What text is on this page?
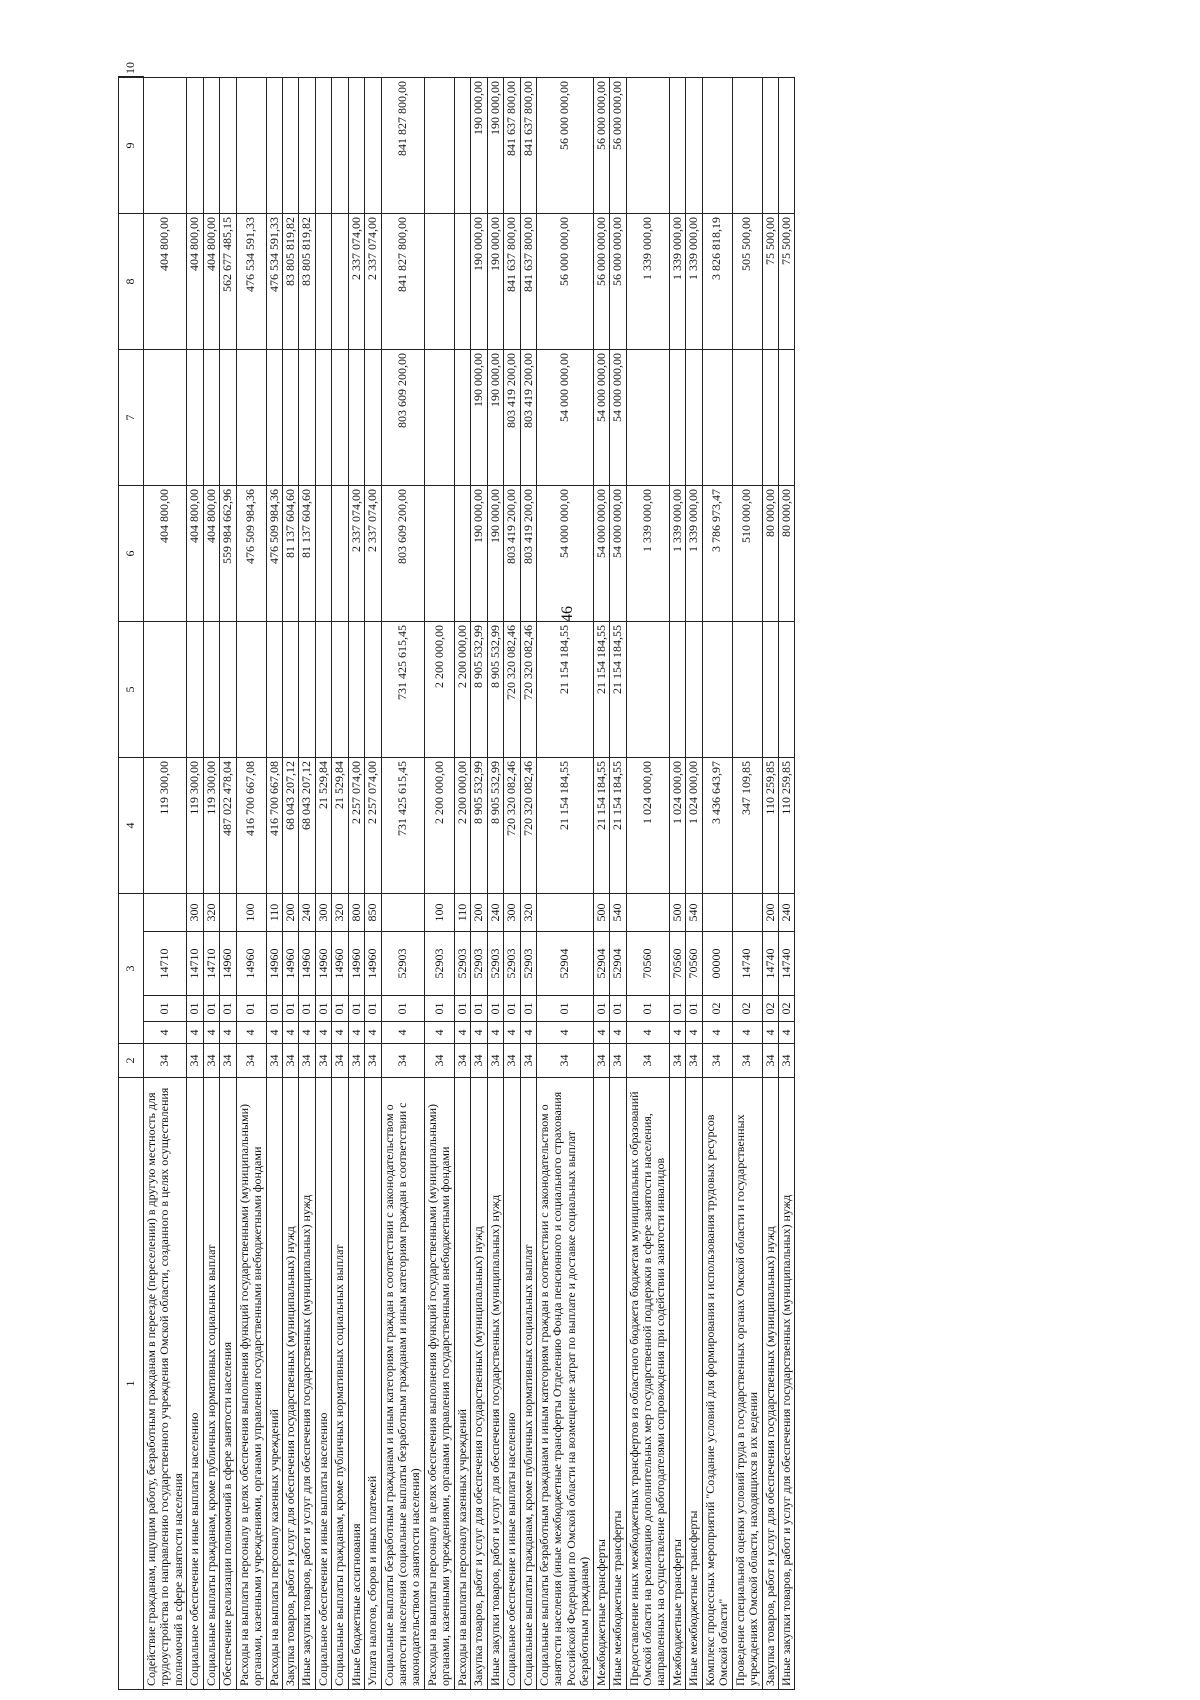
46
1	2	3				4	5	6	7	8	9	10
Содействие гражданам, ищущим работу, безработным гражданам в переезде (переселении) в другую местность для трудоустройства по направлению государственного учреждения Омской области, созданного в целях осуществления полномочий в сфере занятости населения	34	4	01	14710		119 300,00		404 800,00		404 800,00		
Социальное обеспечение и иные выплаты населению	34	4	01	14710	300	119 300,00		404 800,00		404 800,00		
Социальные выплаты гражданам, кроме публичных нормативных социальных выплат	34	4	01	14710	320	119 300,00		404 800,00		404 800,00		
Обеспечение реализации полномочий в сфере занятости населения	34	4	01	14960		487 022 478,04		559 984 662,96		562 677 485,15		
Расходы на выплаты персоналу в целях обеспечения выполнения функций государственными (муниципальными) органами, казенными учреждениями, органами управления государственными внебюджетными фондами	34	4	01	14960	100	416 700 667,08		476 509 984,36		476 534 591,33		
Расходы на выплаты персоналу казенных учреждений	34	4	01	14960	110	416 700 667,08		476 509 984,36		476 534 591,33		
Закупка товаров, работ и услуг для обеспечения государственных (муниципальных) нужд	34	4	01	14960	200	68 043 207,12		81 137 604,60		83 805 819,82		
Иные закупки товаров, работ и услуг для обеспечения государственных (муниципальных) нужд	34	4	01	14960	240	68 043 207,12		81 137 604,60		83 805 819,82		
Социальное обеспечение и иные выплаты населению	34	4	01	14960	300	21 529,84						
Социальные выплаты гражданам, кроме публичных нормативных социальных выплат	34	4	01	14960	320	21 529,84						
Иные бюджетные ассигнования	34	4	01	14960	800	2 257 074,00		2 337 074,00		2 337 074,00		
Уплата налогов, сборов и иных платежей	34	4	01	14960	850	2 257 074,00		2 337 074,00		2 337 074,00		
Социальные выплаты безработным гражданам и иным категориям граждан в соответствии с законодательством о занятости населения (социальные выплаты безработным гражданам и иным категориям граждан в соответствии с законодательством о занятости населения)	34	4	01	52903		731 425 615,45	731 425 615,45	803 609 200,00	803 609 200,00	841 827 800,00	841 827 800,00	
Расходы на выплаты персоналу в целях обеспечения выполнения функций государственными (муниципальными) органами, казенными учреждениями, органами управления государственными внебюджетными фондами	34	4	01	52903	100	2 200 000,00	2 200 000,00					
Расходы на выплаты персоналу казенных учреждений	34	4	01	52903	110	2 200 000,00	2 200 000,00					
Закупка товаров, работ и услуг для обеспечения государственных (муниципальных) нужд	34	4	01	52903	200	8 905 532,99	8 905 532,99	190 000,00	190 000,00	190 000,00	190 000,00	
Иные закупки товаров, работ и услуг для обеспечения государственных (муниципальных) нужд	34	4	01	52903	240	8 905 532,99	8 905 532,99	190 000,00	190 000,00	190 000,00	190 000,00	
Социальное обеспечение и иные выплаты населению	34	4	01	52903	300	720 320 082,46	720 320 082,46	803 419 200,00	803 419 200,00	841 637 800,00	841 637 800,00	
Социальные выплаты гражданам, кроме публичных нормативных социальных выплат	34	4	01	52903	320	720 320 082,46	720 320 082,46	803 419 200,00	803 419 200,00	841 637 800,00	841 637 800,00	
Социальные выплаты безработным гражданам и иным категориям граждан в соответствии с законодательством о занятости населения (иные межбюджетные трансферты Отделению Фонда пенсионного и социального страхования Российской Федерации по Омской области на возмещение затрат по выплате и доставке социальных выплат безработным гражданам)	34	4	01	52904		21 154 184,55	21 154 184,55	54 000 000,00	54 000 000,00	56 000 000,00	56 000 000,00	
Межбюджетные трансферты	34	4	01	52904	500	21 154 184,55	21 154 184,55	54 000 000,00	54 000 000,00	56 000 000,00	56 000 000,00	
Иные межбюджетные трансферты	34	4	01	52904	540	21 154 184,55	21 154 184,55	54 000 000,00	54 000 000,00	56 000 000,00	56 000 000,00	
Предоставление иных межбюджетных трансфертов из областного бюджета бюджетам муниципальных образований Омской области на реализацию дополнительных мер государственной поддержки в сфере занятости населения, направленных на осуществление работодателями сопровождения при содействии занятости инвалидов	34	4	01	70560		1 024 000,00		1 339 000,00		1 339 000,00		
Межбюджетные трансферты	34	4	01	70560	500	1 024 000,00		1 339 000,00		1 339 000,00		
Иные межбюджетные трансферты	34	4	01	70560	540	1 024 000,00		1 339 000,00		1 339 000,00		
Комплекс процессных мероприятий "Создание условий для формирования и использования трудовых ресурсов Омской области"	34	4	02	00000		3 436 643,97		3 786 973,47		3 826 818,19		
Проведение специальной оценки условий труда в государственных органах Омской области и государственных учреждениях Омской области, находящихся в их ведении	34	4	02	14740		347 109,85		510 000,00		505 500,00		
Закупка товаров, работ и услуг для обеспечения государственных (муниципальных) нужд	34	4	02	14740	200	110 259,85		80 000,00		75 500,00		
Иные закупки товаров, работ и услуг для обеспечения государственных (муниципальных) нужд	34	4	02	14740	240	110 259,85		80 000,00		75 500,00		
